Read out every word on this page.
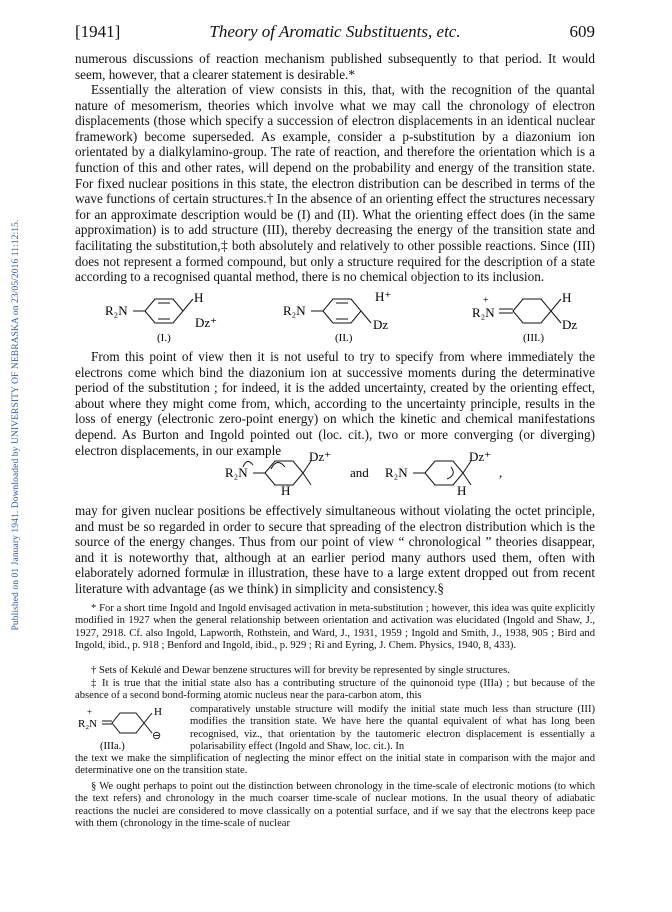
Published on 01 January 1941. Downloaded by UNIVERSITY OF NEBRASKA on 23/05/2016 11:12:15.
[1941]	Theory of Aromatic Substituents, etc.	609

numerous discussions of reaction mechanism published subsequently to that period. It would seem, however, that a clearer statement is desirable.*

Essentially the alteration of view consists in this, that, with the recognition of the quantal nature of mesomerism, theories which involve what we may call the chronology of electron displacements (those which specify a succession of electron displacements in an identical nuclear framework) become superseded. As example, consider a p-substitution by a diazonium ion orientated by a dialkylamino-group. The rate of reaction, and therefore the orientation which is a function of this and other rates, will depend on the probability and energy of the transition state. For fixed nuclear positions in this state, the electron distribution can be described in terms of the wave functions of certain structures.† In the absence of an orienting effect the structures necessary for an approximate description would be (I) and (II). What the orienting effect does (in the same approximation) is to add structure (III), thereby decreasing the energy of the transition state and facilitating the substitution,‡ both absolutely and relatively to other possible reactions. Since (III) does not represent a formed compound, but only a structure required for the description of a state according to a recognised quantal method, there is no chemical objection to its inclusion.

R₂N
H
Dz⁺
(I.)
R₂N
H⁺
Dz
(II.)
R₂N
+	H
Dz
(III.)

From this point of view then it is not useful to try to specify from where immediately the electrons come which bind the diazonium ion at successive moments during the determinative period of the substitution ; for indeed, it is the added uncertainty, created by the orienting effect, about where they might come from, which, according to the uncertainty principle, results in the loss of energy (electronic zero-point energy) on which the kinetic and chemical manifestations depend. As Burton and Ingold pointed out (loc. cit.), two or more converging (or diverging) electron displacements, in our example

R₂N
Dz⁺
H
and R₂N
Dz⁺
H
,

may for given nuclear positions be effectively simultaneous without violating the octet principle, and must be so regarded in order to secure that spreading of the electron distribution which is the source of the energy changes. Thus from our point of view “ chronological ” theories disappear, and it is noteworthy that, although at an earlier period many authors used them, often with elaborately adorned formulæ in illustration, these have to a large extent dropped out from recent literature with advantage (as we think) in simplicity and consistency.§

* For a short time Ingold and Ingold envisaged activation in meta-substitution ; however, this idea was quite explicitly modified in 1927 when the general relationship between orientation and activation was elucidated (Ingold and Shaw, J., 1927, 2918. Cf. also Ingold, Lapworth, Rothstein, and Ward, J., 1931, 1959 ; Ingold and Smith, J., 1938, 905 ; Bird and Ingold, ibid., p. 918 ; Benford and Ingold, ibid., p. 929 ; Ri and Eyring, J. Chem. Physics, 1940, 8, 433).

† Sets of Kekulé and Dewar benzene structures will for brevity be represented by single structures.

‡ It is true that the initial state also has a contributing structure of the quinonoid type (IIIa) ; but because of the absence of a second bond-forming atomic nucleus near the para-carbon atom, this

R₂N
+	H
⊖
(IIIa.)

comparatively unstable structure will modify the initial state much less than structure (III) modifies the transition state. We have here the quantal equivalent of what has long been recognised, viz., that orientation by the tautomeric electron displacement is essentially a polarisability effect (Ingold and Shaw, loc. cit.). In

the text we make the simplification of neglecting the minor effect on the initial state in comparison with the major and determinative one on the transition state.

§ We ought perhaps to point out the distinction between chronology in the time-scale of electronic motions (to which the text refers) and chronology in the much coarser time-scale of nuclear motions. In the usual theory of adiabatic reactions the nuclei are considered to move classically on a potential surface, and if we say that the electrons keep pace with them (chronology in the time-scale of nuclear
